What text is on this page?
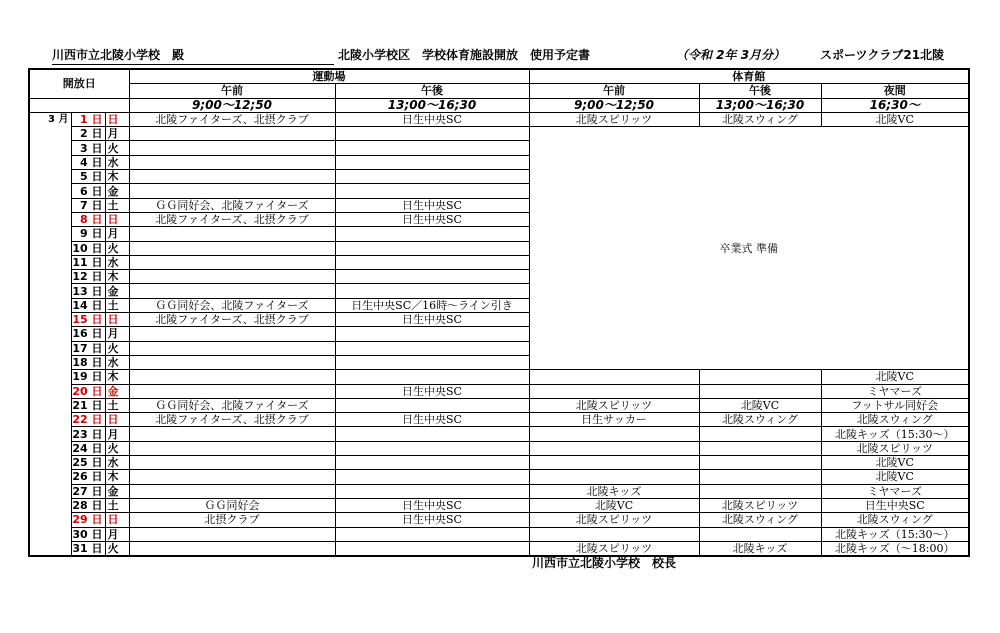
川西市立北陵小学校　殿	北陵小学校区　学校体育施設開放　使用予定書	（令和 2年 3月分）	スポーツクラブ21北陵
開放日			運動場		体育館		
			午前	午後	午前	午後	夜間
			9;00～12;50	13;00～16;30	9;00～12;50	13;00～16;30	16;30～
3 月	1 日	日	北陵ファイターズ、北摂クラブ	日生中央SC	北陵スピリッツ	北陵スウィング	北陵VC
	2 日	月			卒業式 準備		
	3 日	火					
	4 日	水					
	5 日	木					
	6 日	金					
	7 日	土	ＧＧ同好会、北陵ファイターズ	日生中央SC			
	8 日	日	北陵ファイターズ、北摂クラブ	日生中央SC			
	9 日	月					
	10 日	火					
	11 日	水					
	12 日	木					
	13 日	金					
	14 日	土	ＧＧ同好会、北陵ファイターズ	日生中央SC／16時～ライン引き			
	15 日	日	北陵ファイターズ、北摂クラブ	日生中央SC			
	16 日	月					
	17 日	火					
	18 日	水					
	19 日	木					北陵VC
	20 日	金		日生中央SC			ミヤマーズ
	21 日	土	ＧＧ同好会、北陵ファイターズ		北陵スピリッツ	北陵VC	フットサル同好会
	22 日	日	北陵ファイターズ、北摂クラブ	日生中央SC	日生サッカー	北陵スウィング	北陵スウィング
	23 日	月					北陵キッズ（15:30～）
	24 日	火					北陵スピリッツ
	25 日	水					北陵VC
	26 日	木					北陵VC
	27 日	金			北陵キッズ		ミヤマーズ
	28 日	土	ＧＧ同好会	日生中央SC	北陵VC	北陵スピリッツ	日生中央SC
	29 日	日	北摂クラブ	日生中央SC	北陵スピリッツ	北陵スウィング	北陵スウィング
	30 日	月					北陵キッズ（15:30～）
	31 日	火			北陵スピリッツ	北陵キッズ	北陵キッズ（～18:00）
川西市立北陵小学校　校長
